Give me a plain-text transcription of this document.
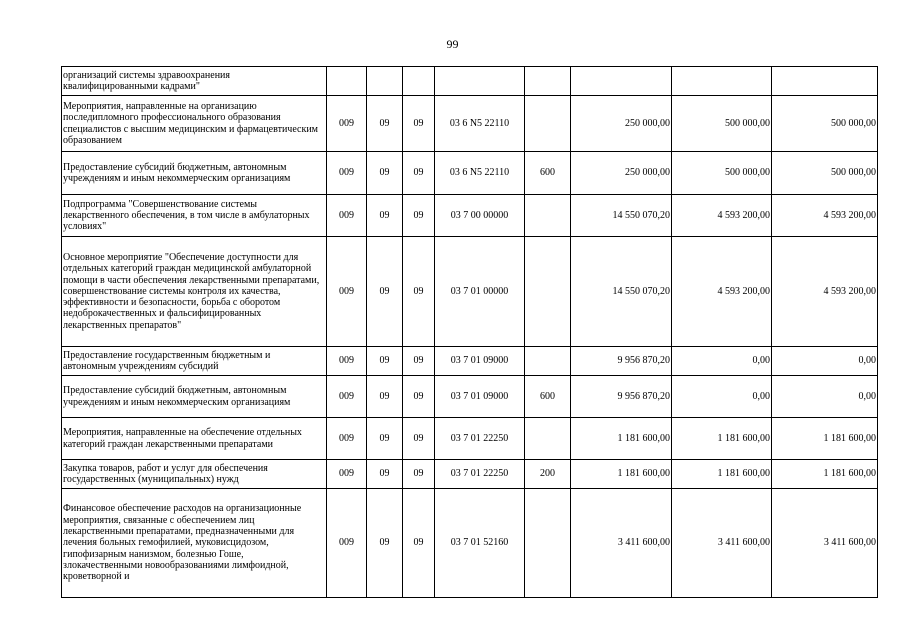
99
организаций системы здравоохранения квалифицированными кадрами"								
Мероприятия, направленные на организацию последипломного профессионального образования специалистов с высшим медицинским и фармацевтическим образованием	009	09	09	03 6 N5 22110		250 000,00	500 000,00	500 000,00
Предоставление субсидий бюджетным, автономным учреждениям и иным некоммерческим организациям	009	09	09	03 6 N5 22110	600	250 000,00	500 000,00	500 000,00
Подпрограмма "Совершенствование системы лекарственного обеспечения, в том числе в амбулаторных условиях"	009	09	09	03 7 00 00000		14 550 070,20	4 593 200,00	4 593 200,00
Основное мероприятие "Обеспечение доступности для отдельных категорий граждан медицинской амбулаторной помощи в части обеспечения лекарственными препаратами, совершенствование системы контроля их качества, эффективности и безопасности, борьба с оборотом недоброкачественных и фальсифицированных лекарственных препаратов"	009	09	09	03 7 01 00000		14 550 070,20	4 593 200,00	4 593 200,00
Предоставление государственным бюджетным и автономным учреждениям субсидий	009	09	09	03 7 01 09000		9 956 870,20	0,00	0,00
Предоставление субсидий бюджетным, автономным учреждениям и иным некоммерческим организациям	009	09	09	03 7 01 09000	600	9 956 870,20	0,00	0,00
Мероприятия, направленные на обеспечение отдельных категорий граждан лекарственными препаратами	009	09	09	03 7 01 22250		1 181 600,00	1 181 600,00	1 181 600,00
Закупка товаров, работ и услуг для обеспечения государственных (муниципальных) нужд	009	09	09	03 7 01 22250	200	1 181 600,00	1 181 600,00	1 181 600,00
Финансовое обеспечение расходов на организационные мероприятия, связанные с обеспечением лиц лекарственными препаратами, предназначенными для лечения больных гемофилией, муковисцидозом, гипофизарным нанизмом, болезнью Гоше, злокачественными новообразованиями лимфоидной, кроветворной и	009	09	09	03 7 01 52160		3 411 600,00	3 411 600,00	3 411 600,00
